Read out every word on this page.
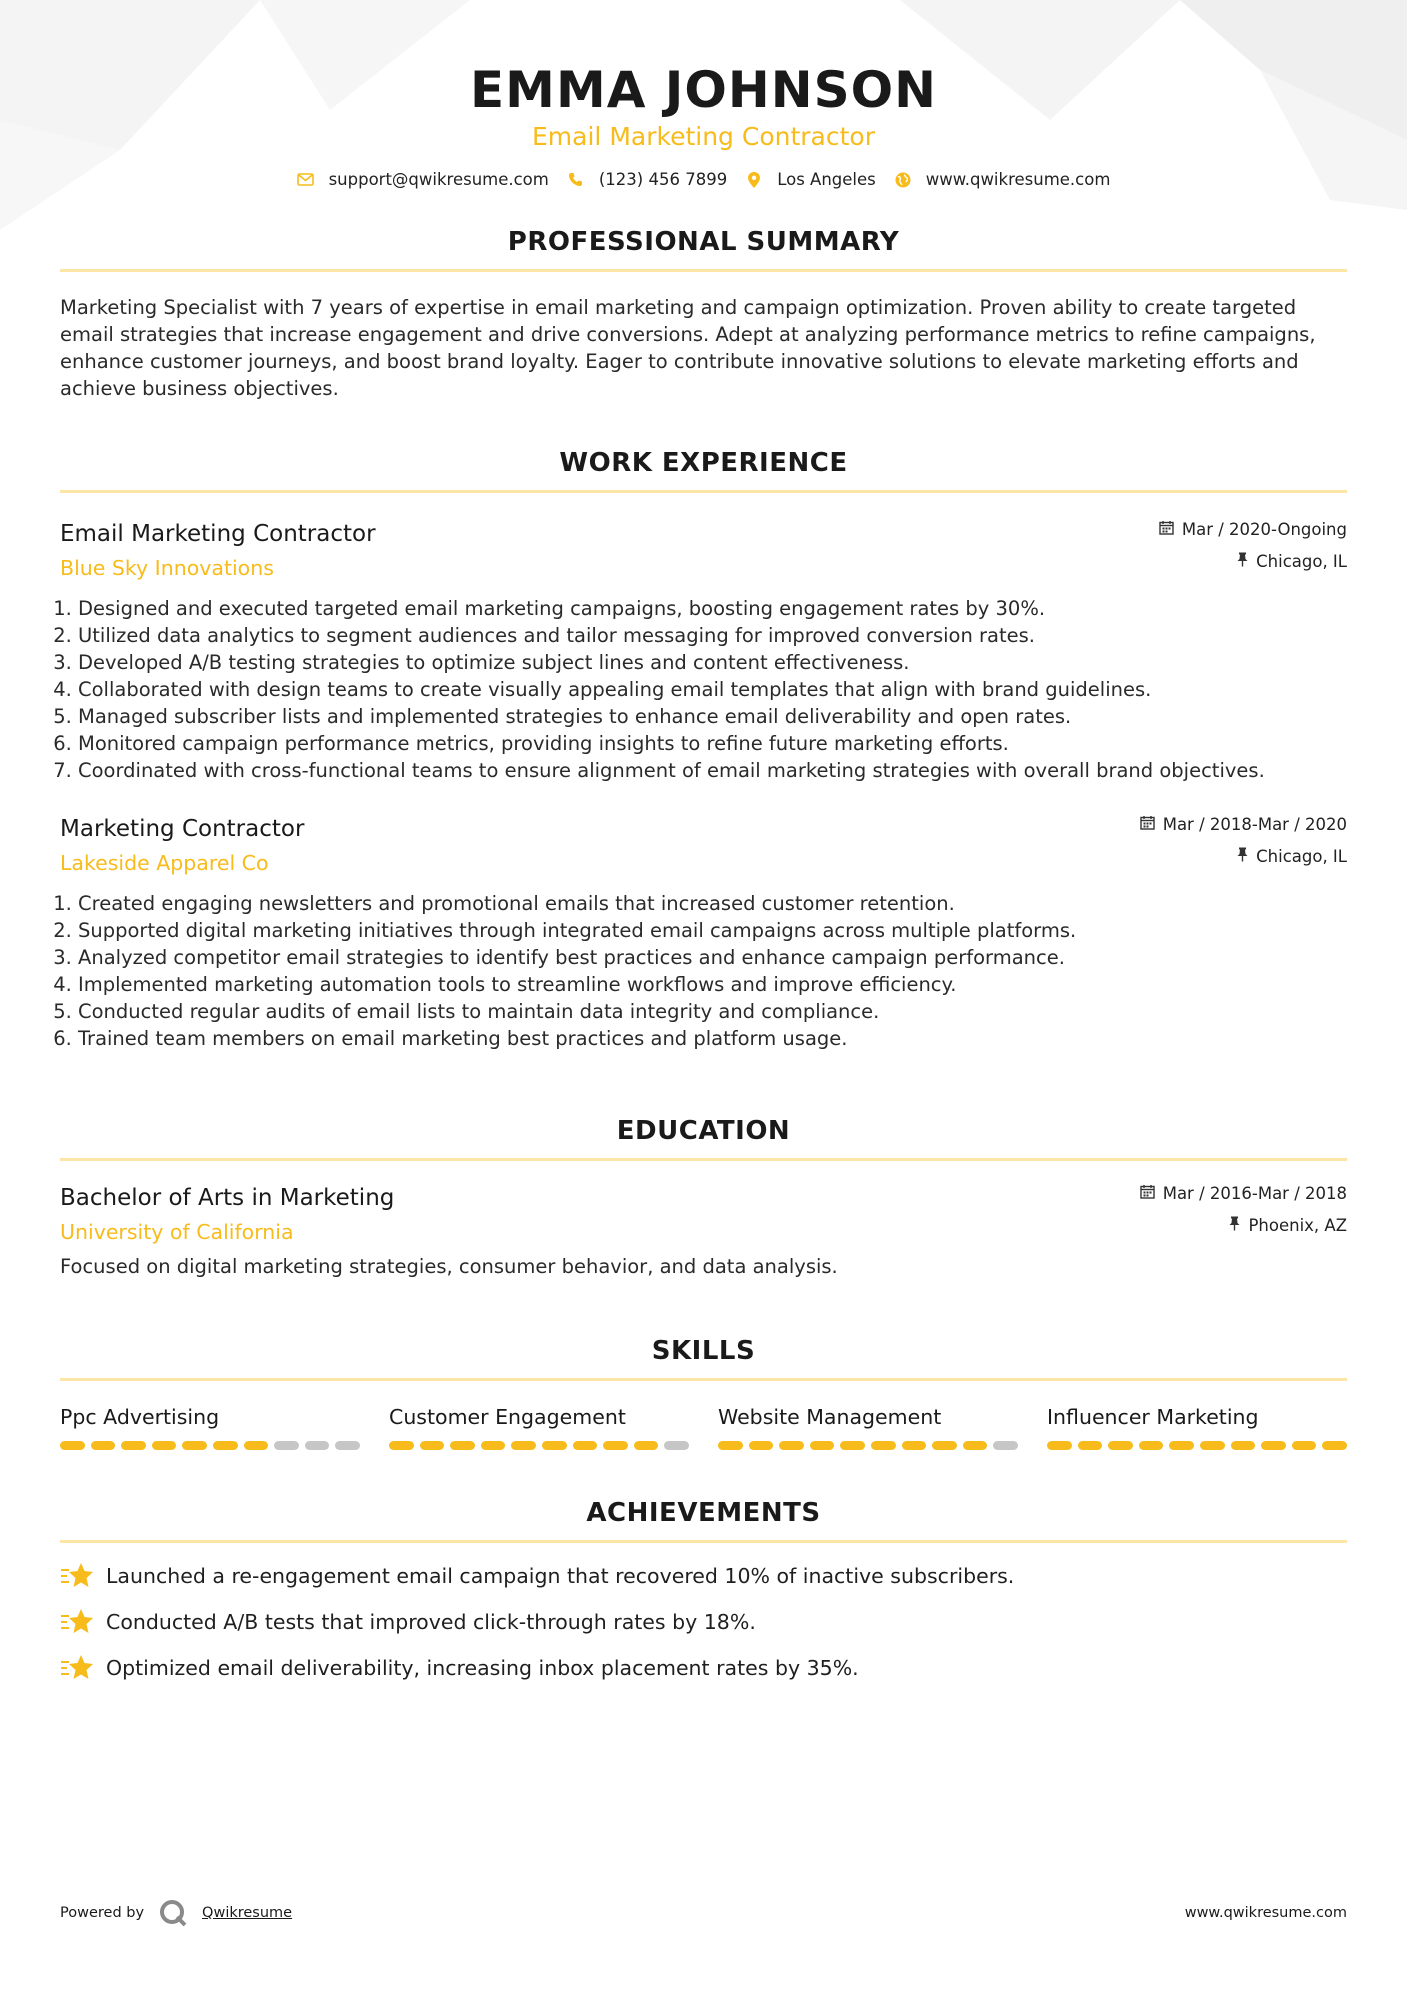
EMMA JOHNSON
Email Marketing Contractor
support@qwikresume.com	(123) 456 7899	Los Angeles	www.qwikresume.com
PROFESSIONAL SUMMARY

Marketing Specialist with 7 years of expertise in email marketing and campaign optimization. Proven ability to create targeted email strategies that increase engagement and drive conversions. Adept at analyzing performance metrics to refine campaigns, enhance customer journeys, and boost brand loyalty. Eager to contribute innovative solutions to elevate marketing efforts and achieve business objectives.

WORK EXPERIENCE
Email Marketing Contractor
Blue Sky Innovations
Mar / 2020-Ongoing
Chicago, IL
1. Designed and executed targeted email marketing campaigns, boosting engagement rates by 30%.
2. Utilized data analytics to segment audiences and tailor messaging for improved conversion rates.
3. Developed A/B testing strategies to optimize subject lines and content effectiveness.
4. Collaborated with design teams to create visually appealing email templates that align with brand guidelines.
5. Managed subscriber lists and implemented strategies to enhance email deliverability and open rates.
6. Monitored campaign performance metrics, providing insights to refine future marketing efforts.
7. Coordinated with cross-functional teams to ensure alignment of email marketing strategies with overall brand objectives.
Marketing Contractor
Lakeside Apparel Co
Mar / 2018-Mar / 2020
Chicago, IL
1. Created engaging newsletters and promotional emails that increased customer retention.
2. Supported digital marketing initiatives through integrated email campaigns across multiple platforms.
3. Analyzed competitor email strategies to identify best practices and enhance campaign performance.
4. Implemented marketing automation tools to streamline workflows and improve efficiency.
5. Conducted regular audits of email lists to maintain data integrity and compliance.
6. Trained team members on email marketing best practices and platform usage.
EDUCATION
Bachelor of Arts in Marketing
University of California
Mar / 2016-Mar / 2018
Phoenix, AZ

Focused on digital marketing strategies, consumer behavior, and data analysis.

SKILLS
Ppc Advertising	Customer Engagement	Website Management	Influencer Marketing
ACHIEVEMENTS
Launched a re-engagement email campaign that recovered 10% of inactive subscribers.
Conducted A/B tests that improved click-through rates by 18%.
Optimized email deliverability, increasing inbox placement rates by 35%.
Powered by	Qwikresume	www.qwikresume.com
